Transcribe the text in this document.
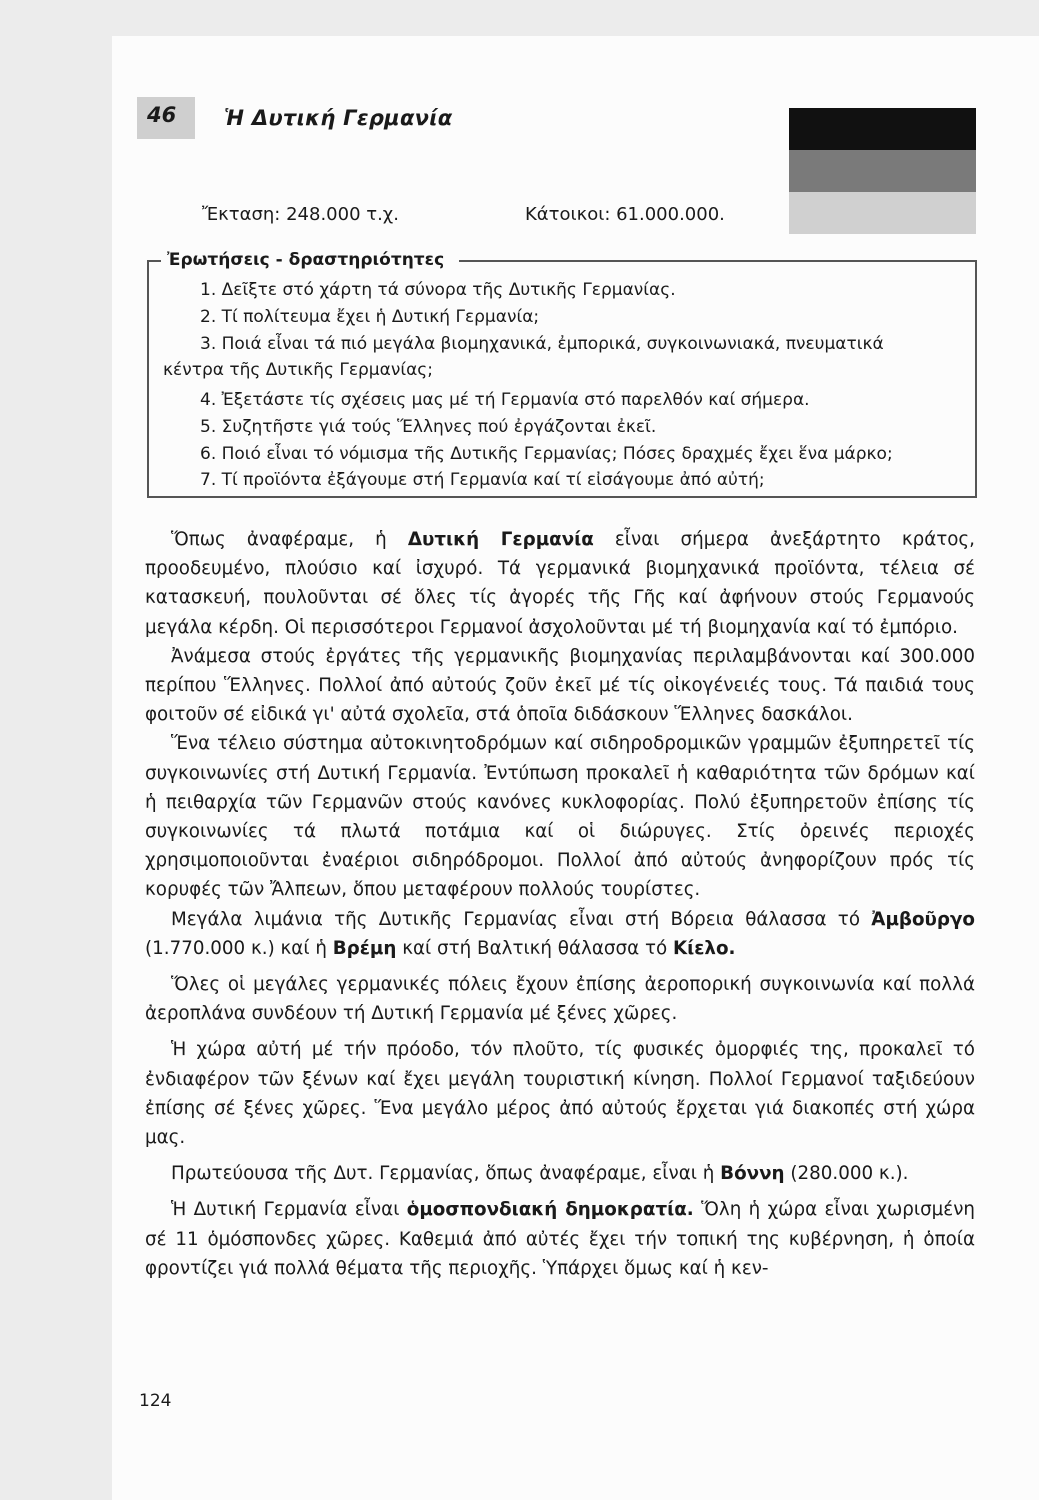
46 Ἡ Δυτική Γερμανία
Ἔκταση: 248.000 τ.χ.	Κάτοικοι: 61.000.000.
Ἐρωτήσεις - δραστηριότητες
1. Δεῖξτε στό χάρτη τά σύνορα τῆς Δυτικῆς Γερμανίας.
2. Τί πολίτευμα ἔχει ἡ Δυτική Γερμανία;
3. Ποιά εἶναι τά πιό μεγάλα βιομηχανικά, ἐμπορικά, συγκοινωνιακά, πνευματικά
κέντρα τῆς Δυτικῆς Γερμανίας;
4. Ἐξετάστε τίς σχέσεις μας μέ τή Γερμανία στό παρελθόν καί σήμερα.
5. Συζητῆστε γιά τούς Ἕλληνες πού ἐργάζονται ἐκεῖ.
6. Ποιό εἶναι τό νόμισμα τῆς Δυτικῆς Γερμανίας; Πόσες δραχμές ἔχει ἕνα μάρκο;
7. Τί προϊόντα ἐξάγουμε στή Γερμανία καί τί εἰσάγουμε ἀπό αὐτή;

Ὅπως ἀναφέραμε, ἡ Δυτική Γερμανία εἶναι σήμερα ἀνεξάρτητο κράτος, προοδευμένο, πλούσιο καί ἰσχυρό. Τά γερμανικά βιομηχανικά προϊόντα, τέλεια σέ κατασκευή, πουλοῦνται σέ ὅλες τίς ἀγορές τῆς Γῆς καί ἀφήνουν στούς Γερμανούς μεγάλα κέρδη. Οἱ περισσότεροι Γερμανοί ἀσχολοῦνται μέ τή βιομηχανία καί τό ἐμπόριο.

Ἀνάμεσα στούς ἐργάτες τῆς γερμανικῆς βιομηχανίας περιλαμβάνονται καί 300.000 περίπου Ἕλληνες. Πολλοί ἀπό αὐτούς ζοῦν ἐκεῖ μέ τίς οἰκογένειές τους. Τά παιδιά τους φοιτοῦν σέ εἰδικά γι' αὐτά σχολεῖα, στά ὁποῖα διδάσκουν Ἕλληνες δασκάλοι.

Ἕνα τέλειο σύστημα αὐτοκινητοδρόμων καί σιδηροδρομικῶν γραμμῶν ἐξυπηρετεῖ τίς συγκοινωνίες στή Δυτική Γερμανία. Ἐντύπωση προκαλεῖ ἡ καθαριότητα τῶν δρόμων καί ἡ πειθαρχία τῶν Γερμανῶν στούς κανόνες κυκλοφορίας. Πολύ ἐξυπηρετοῦν ἐπίσης τίς συγκοινωνίες τά πλωτά ποτάμια καί οἱ διώρυγες. Στίς ὀρεινές περιοχές χρησιμοποιοῦνται ἐναέριοι σιδηρόδρομοι. Πολλοί ἀπό αὐτούς ἀνηφορίζουν πρός τίς κορυφές τῶν Ἄλπεων, ὅπου μεταφέρουν πολλούς τουρίστες.

Μεγάλα λιμάνια τῆς Δυτικῆς Γερμανίας εἶναι στή Βόρεια θάλασσα τό Ἀμβοῦργο (1.770.000 κ.) καί ἡ Βρέμη καί στή Βαλτική θάλασσα τό Κίελο.

Ὅλες οἱ μεγάλες γερμανικές πόλεις ἔχουν ἐπίσης ἀεροπορική συγκοινωνία καί πολλά ἀεροπλάνα συνδέουν τή Δυτική Γερμανία μέ ξένες χῶρες.

Ἡ χώρα αὐτή μέ τήν πρόοδο, τόν πλοῦτο, τίς φυσικές ὀμορφιές της, προκαλεῖ τό ἐνδιαφέρον τῶν ξένων καί ἔχει μεγάλη τουριστική κίνηση. Πολλοί Γερμανοί ταξιδεύουν ἐπίσης σέ ξένες χῶρες. Ἕνα μεγάλο μέρος ἀπό αὐτούς ἔρχεται γιά διακοπές στή χώρα μας.

Πρωτεύουσα τῆς Δυτ. Γερμανίας, ὅπως ἀναφέραμε, εἶναι ἡ Βόννη (280.000 κ.).

Ἡ Δυτική Γερμανία εἶναι ὁμοσπονδιακή δημοκρατία. Ὅλη ἡ χώρα εἶναι χωρισμένη σέ 11 ὁμόσπονδες χῶρες. Καθεμιά ἀπό αὐτές ἔχει τήν τοπική της κυβέρνηση, ἡ ὁποία φροντίζει γιά πολλά θέματα τῆς περιοχῆς. Ὑπάρχει ὅμως καί ἡ κεν-

124
